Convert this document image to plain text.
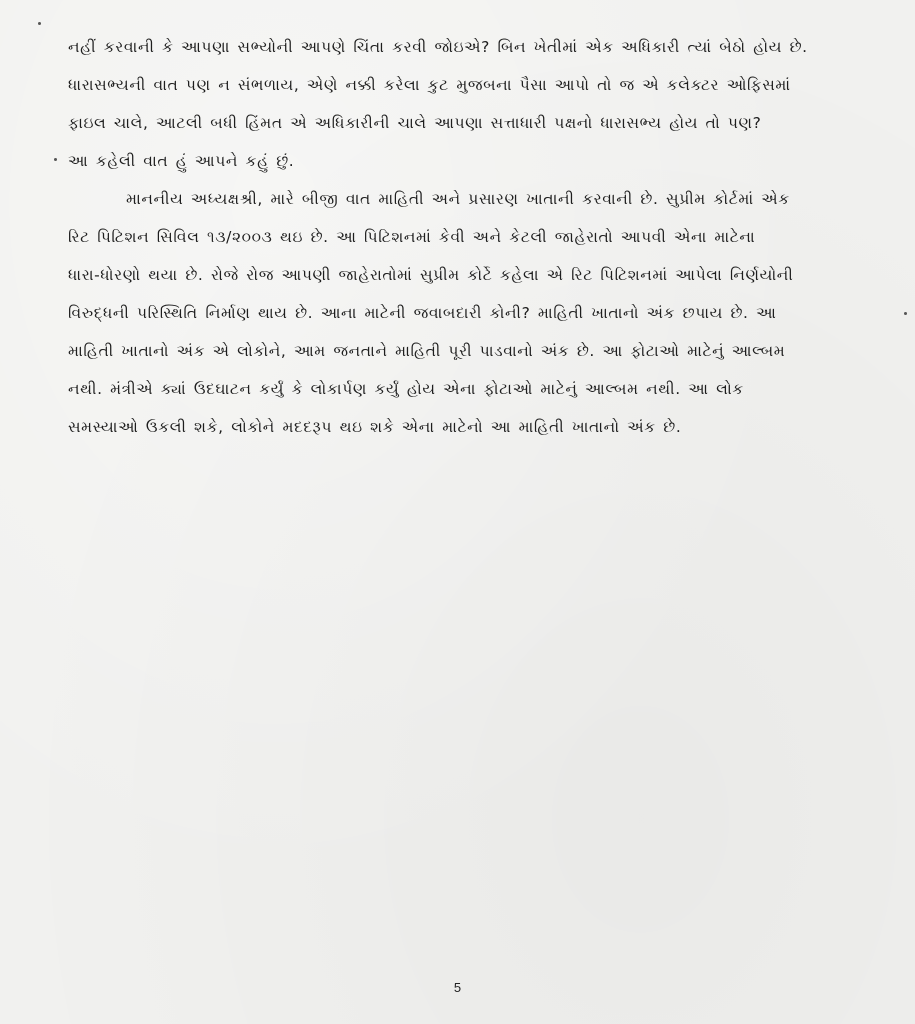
નહીં કરવાની કે આપણા સભ્યોની આપણે ચિંતા કરવી જોઇએ? બિન ખેતીમાં એક અધિકારી ત્યાં બેઠો હોય છે.
ધારાસભ્યની વાત પણ ન સંભળાય, એણે નક્કી કરેલા કુટ મુજબના પૈસા આપો તો જ એ કલેક્ટર ઓફિસમાં
ફાઇલ ચાલે, આટલી બધી હિંમત એ અધિકારીની ચાલે આપણા સત્તાધારી પક્ષનો ધારાસભ્ય હોય તો પણ?
આ કહેલી વાત હું આપને કહું છું.
માનનીય અધ્યક્ષશ્રી, મારે બીજી વાત માહિતી અને પ્રસારણ ખાતાની કરવાની છે. સુપ્રીમ કોર્ટમાં એક
રિટ પિટિશન સિવિલ ૧૩/૨૦૦૩ થઇ છે. આ પિટિશનમાં કેવી અને કેટલી જાહેરાતો આપવી એના માટેના
ધારા-ધોરણો થયા છે. રોજે રોજ આપણી જાહેરાતોમાં સુપ્રીમ કોર્ટે કહેલા એ રિટ પિટિશનમાં આપેલા નિર્ણયોની
વિરુદ્ધની પરિસ્થિતિ નિર્માણ થાય છે. આના માટેની જવાબદારી કોની? માહિતી ખાતાનો અંક છપાય છે. આ
માહિતી ખાતાનો અંક એ લોકોને, આમ જનતાને માહિતી પૂરી પાડવાનો અંક છે. આ ફોટાઓ માટેનું આલ્બમ
નથી. મંત્રીએ ક્યાં ઉદઘાટન કર્યું કે લોકાર્પણ કર્યું હોય એના ફોટાઓ માટેનું આલ્બમ નથી. આ લોક
સમસ્યાઓ ઉકલી શકે, લોકોને મદદરૂપ થઇ શકે એના માટેનો આ માહિતી ખાતાનો અંક છે.
5
